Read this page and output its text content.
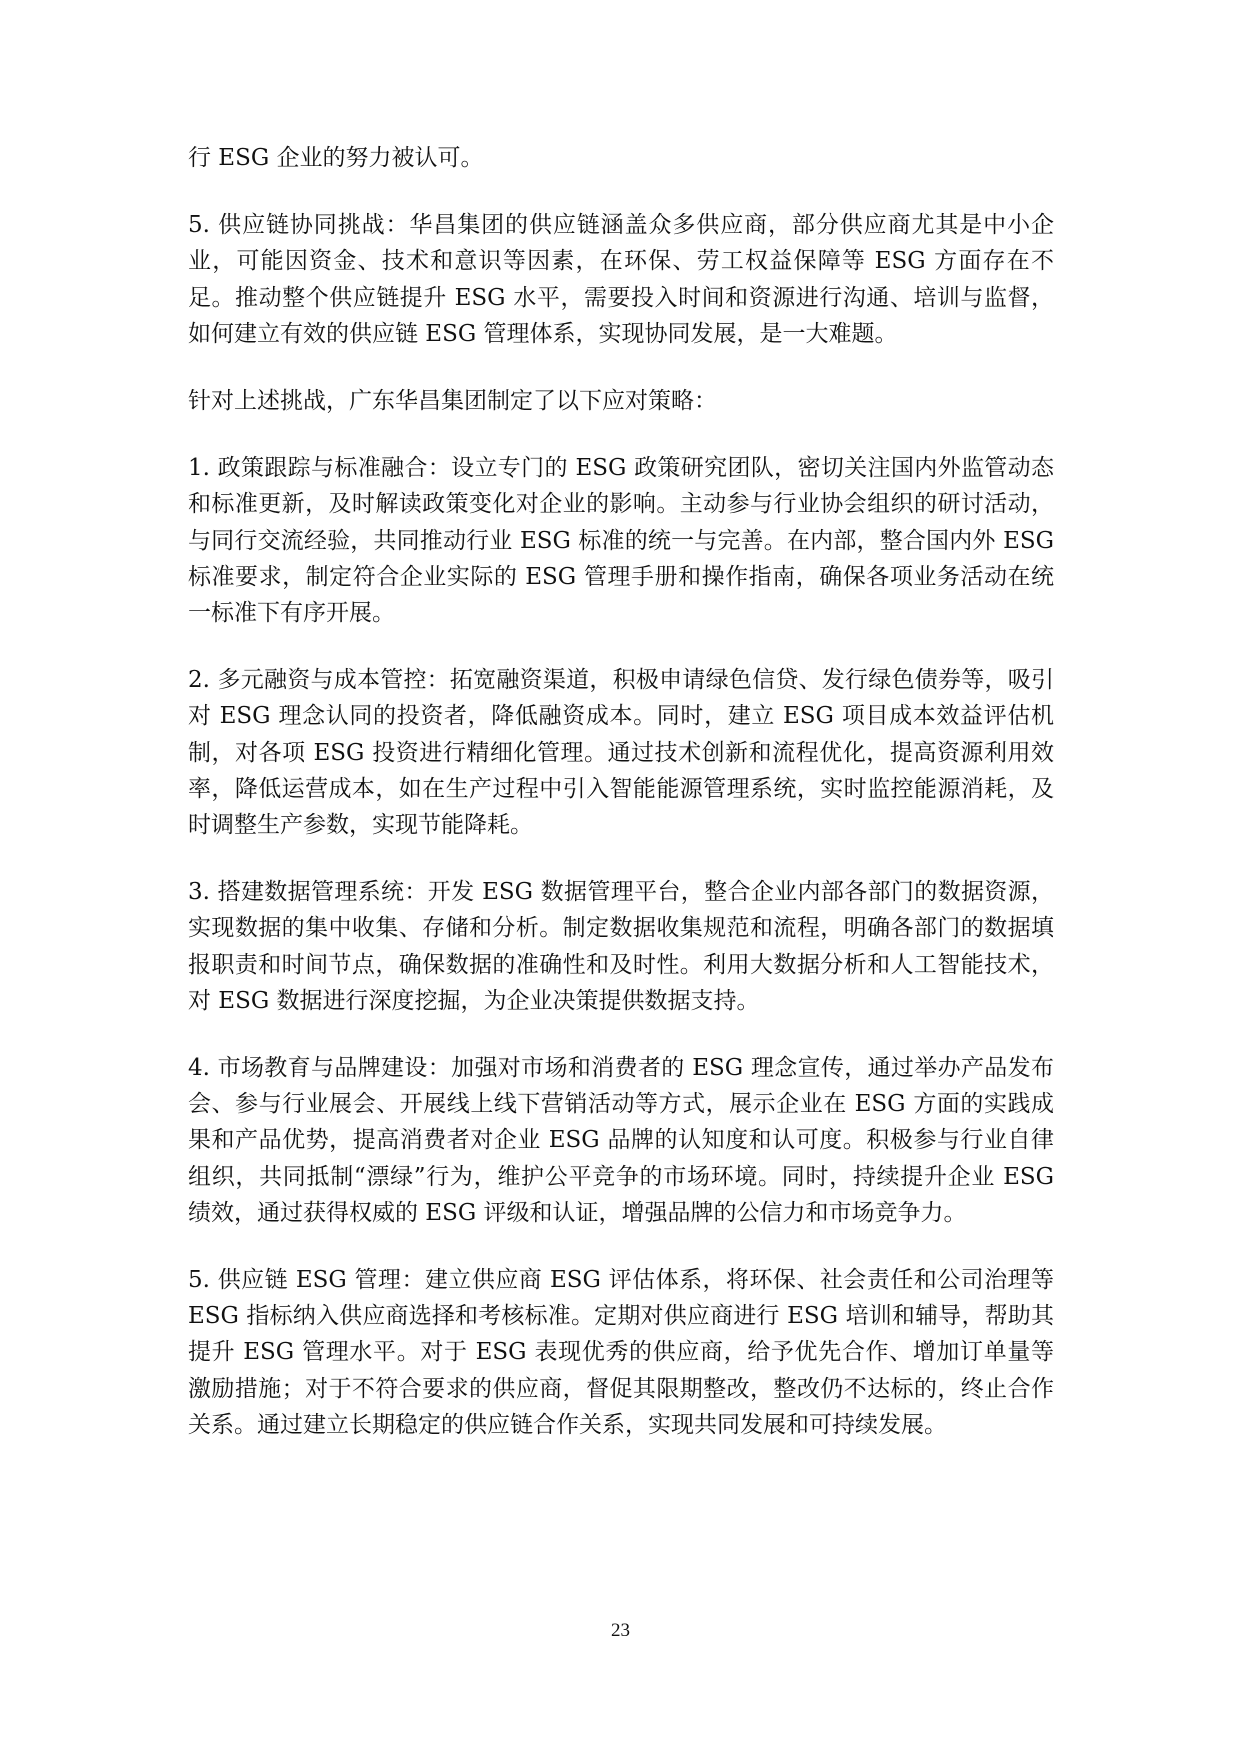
行 ESG 企业的努力被认可。

5. 供应链协同挑战：华昌集团的供应链涵盖众多供应商，部分供应商尤其是中小企业，可能因资金、技术和意识等因素，在环保、劳工权益保障等 ESG 方面存在不足。推动整个供应链提升 ESG 水平，需要投入时间和资源进行沟通、培训与监督，如何建立有效的供应链 ESG 管理体系，实现协同发展，是一大难题。

针对上述挑战，广东华昌集团制定了以下应对策略：

1. 政策跟踪与标准融合：设立专门的 ESG 政策研究团队，密切关注国内外监管动态和标准更新，及时解读政策变化对企业的影响。主动参与行业协会组织的研讨活动，与同行交流经验，共同推动行业 ESG 标准的统一与完善。在内部，整合国内外 ESG 标准要求，制定符合企业实际的 ESG 管理手册和操作指南，确保各项业务活动在统一标准下有序开展。

2. 多元融资与成本管控：拓宽融资渠道，积极申请绿色信贷、发行绿色债券等，吸引对 ESG 理念认同的投资者，降低融资成本。同时，建立 ESG 项目成本效益评估机制，对各项 ESG 投资进行精细化管理。通过技术创新和流程优化，提高资源利用效率，降低运营成本，如在生产过程中引入智能能源管理系统，实时监控能源消耗，及时调整生产参数，实现节能降耗。

3. 搭建数据管理系统：开发 ESG 数据管理平台，整合企业内部各部门的数据资源，实现数据的集中收集、存储和分析。制定数据收集规范和流程，明确各部门的数据填报职责和时间节点，确保数据的准确性和及时性。利用大数据分析和人工智能技术，对 ESG 数据进行深度挖掘，为企业决策提供数据支持。

4. 市场教育与品牌建设：加强对市场和消费者的 ESG 理念宣传，通过举办产品发布会、参与行业展会、开展线上线下营销活动等方式，展示企业在 ESG 方面的实践成果和产品优势，提高消费者对企业 ESG 品牌的认知度和认可度。积极参与行业自律组织，共同抵制“漂绿”行为，维护公平竞争的市场环境。同时，持续提升企业 ESG 绩效，通过获得权威的 ESG 评级和认证，增强品牌的公信力和市场竞争力。

5. 供应链 ESG 管理：建立供应商 ESG 评估体系，将环保、社会责任和公司治理等 ESG 指标纳入供应商选择和考核标准。定期对供应商进行 ESG 培训和辅导，帮助其提升 ESG 管理水平。对于 ESG 表现优秀的供应商，给予优先合作、增加订单量等激励措施；对于不符合要求的供应商，督促其限期整改，整改仍不达标的，终止合作关系。通过建立长期稳定的供应链合作关系，实现共同发展和可持续发展。

23
